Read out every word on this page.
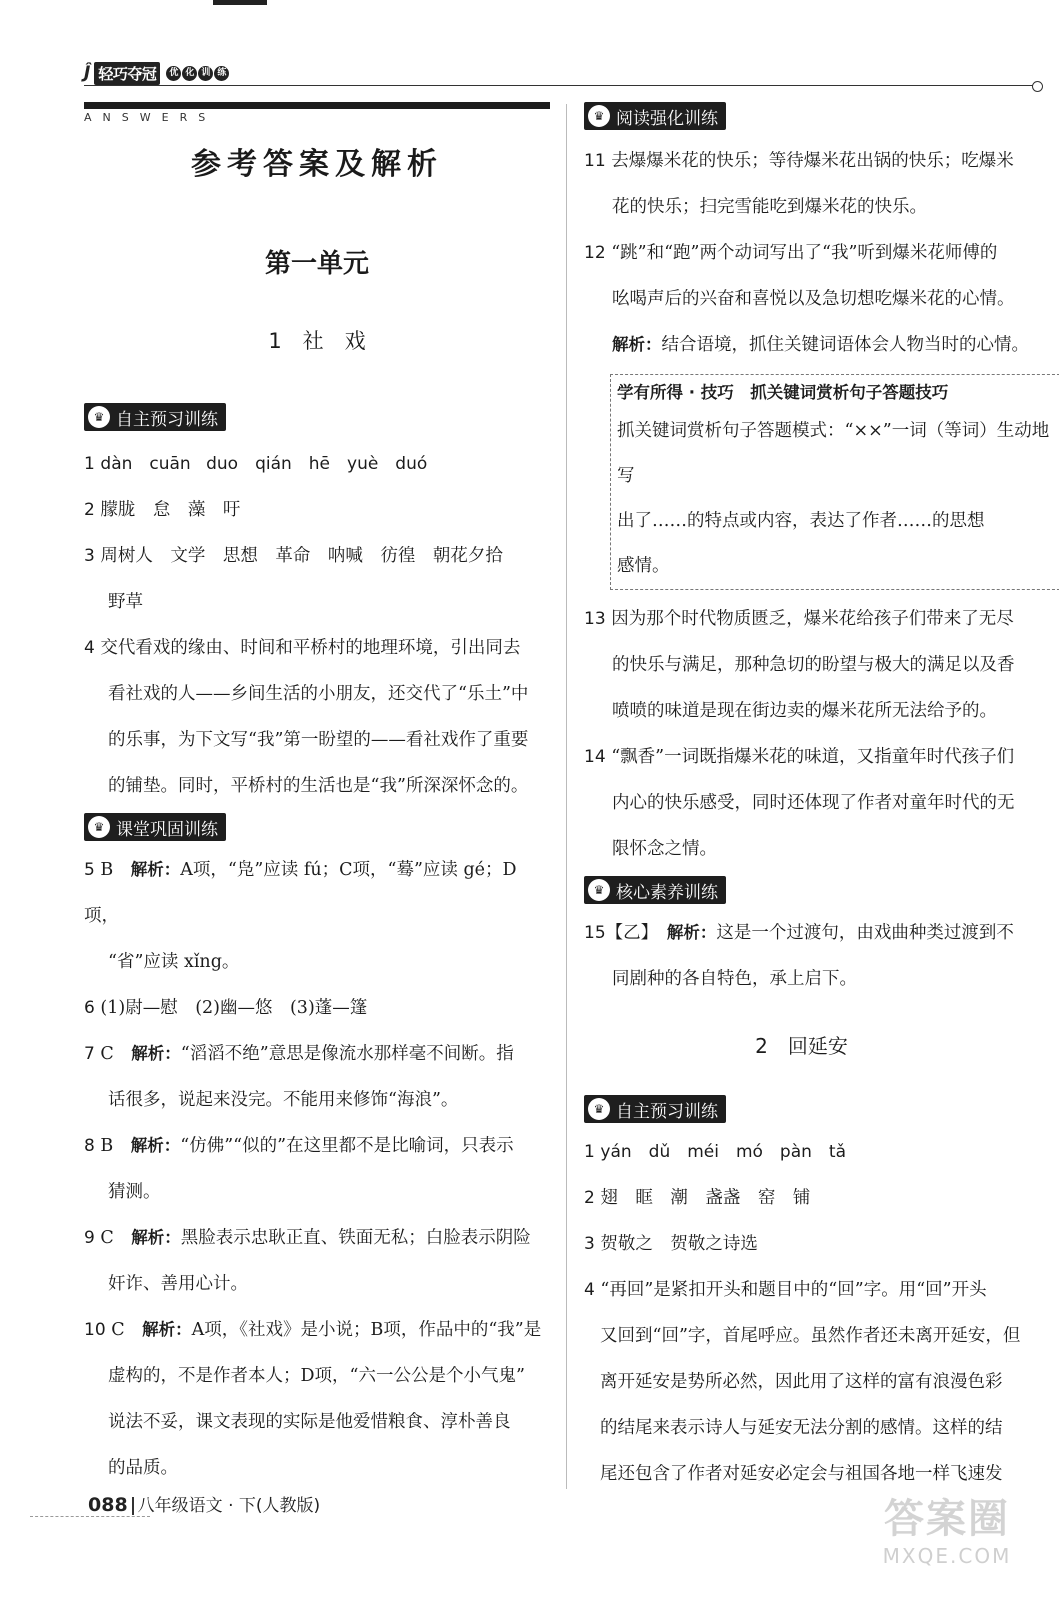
Ĵ 轻巧夺冠	优 化 训 练
ANSWERS
参考答案及解析
第一单元
1　社　戏
♛ 自主预习训练
1 dàn　cuān duo　qián　hē　yuè　duó
2 朦胧　怠　藻　吁
3 周树人　文学　思想　革命　呐喊　彷徨　朝花夕拾
野草
4 交代看戏的缘由、时间和平桥村的地理环境，引出同去
看社戏的人——乡间生活的小朋友，还交代了“乐土”中
的乐事，为下文写“我”第一盼望的——看社戏作了重要
的铺垫。同时，平桥村的生活也是“我”所深深怀念的。
♛ 课堂巩固训练
5 B　 解析：A项，“凫”应读 fú；C项，“蓦”应读 gé；D项，
“省”应读 xǐng。
6 (1)尉—慰　(2)幽—悠　(3)蓬—篷
7 C　 解析：“滔滔不绝”意思是像流水那样毫不间断。指
话很多，说起来没完。不能用来修饰“海浪”。
8 B　 解析：“仿佛”“似的”在这里都不是比喻词，只表示
猜测。
9 C　 解析：黑脸表示忠耿正直、铁面无私；白脸表示阴险
奸诈、善用心计。
10 C　 解析：A项，《社戏》是小说；B项，作品中的“我”是
虚构的，不是作者本人；D项，“六一公公是个小气鬼”
说法不妥，课文表现的实际是他爱惜粮食、淳朴善良
的品质。
♛ 阅读强化训练
11 去爆爆米花的快乐；等待爆米花出锅的快乐；吃爆米
花的快乐；扫完雪能吃到爆米花的快乐。
12 “跳”和“跑”两个动词写出了“我”听到爆米花师傅的
吆喝声后的兴奋和喜悦以及急切想吃爆米花的心情。
解析：结合语境，抓住关键词语体会人物当时的心情。
学有所得 · 技巧　抓关键词赏析句子答题技巧
抓关键词赏析句子答题模式：“××”一词（等词）生动地写
出了……的特点或内容，表达了作者……的思想
感情。
13 因为那个时代物质匮乏，爆米花给孩子们带来了无尽
的快乐与满足，那种急切的盼望与极大的满足以及香
喷喷的味道是现在街边卖的爆米花所无法给予的。
14 “飘香”一词既指爆米花的味道，又指童年时代孩子们
内心的快乐感受，同时还体现了作者对童年时代的无
限怀念之情。
♛ 核心素养训练
15【乙】　 解析：这是一个过渡句，由戏曲种类过渡到不
同剧种的各自特色，承上启下。
2　回延安
♛ 自主预习训练
1 yán　dǔ　méi　mó　pàn　tǎ
2 翅　眶　潮　盏盏　窑　铺
3 贺敬之　贺敬之诗选
4 “再回”是紧扣开头和题目中的“回”字。用“回”开头
又回到“回”字，首尾呼应。虽然作者还未离开延安，但
离开延安是势所必然，因此用了这样的富有浪漫色彩
的结尾来表示诗人与延安无法分割的感情。这样的结
尾还包含了作者对延安必定会与祖国各地一样飞速发
088 八年级语文 · 下(人教版)	答案圈
MXQE.COM
